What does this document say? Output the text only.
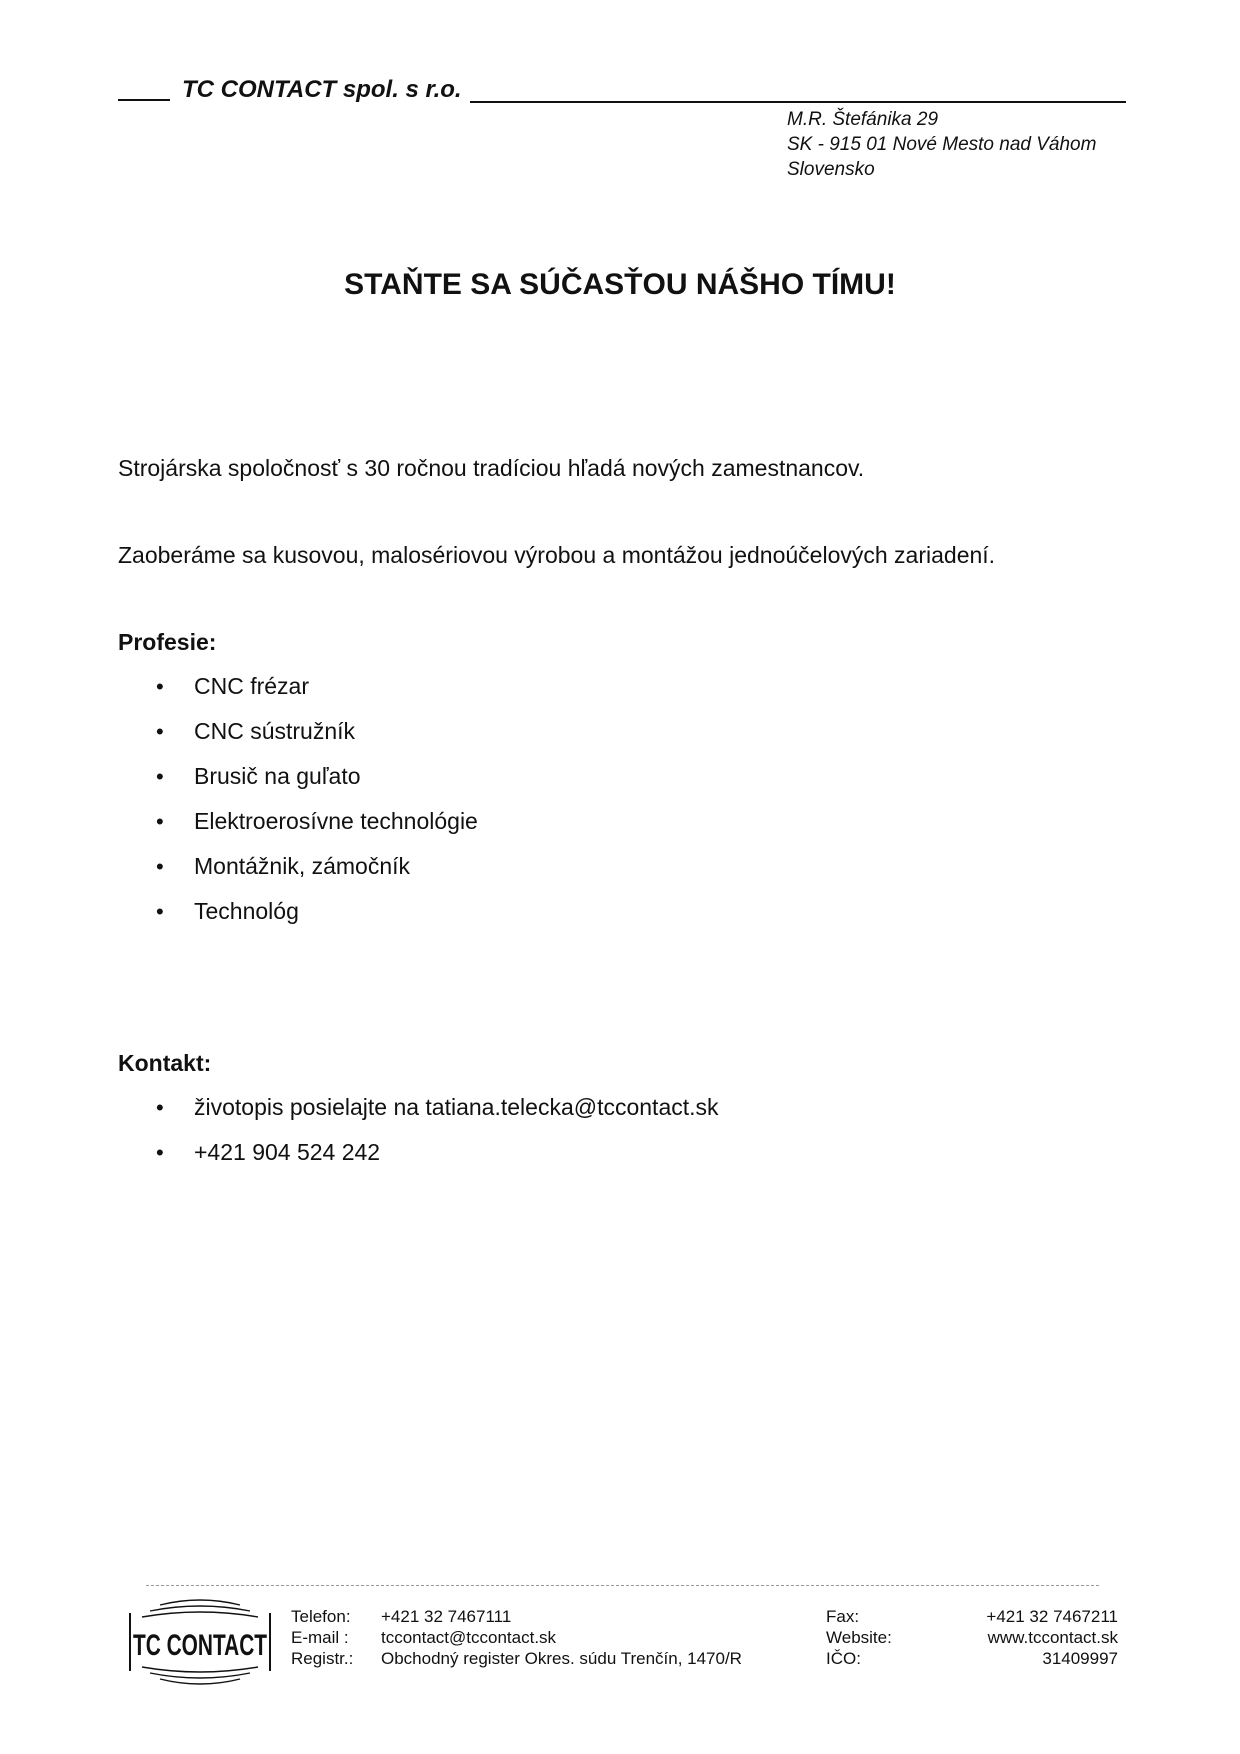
TC CONTACT spol. s r.o.
M.R. Štefánika 29
SK - 915 01 Nové Mesto nad Váhom
Slovensko
STAŇTE SA SÚČASŤOU NÁŠHO TÍMU!
Strojárska spoločnosť s 30 ročnou tradíciou hľadá nových zamestnancov.
Zaoberáme sa kusovou, malosériovou výrobou a montážou jednoúčelových zariadení.
Profesie:
• CNC frézar
• CNC sústružník
• Brusič na guľato
• Elektroerosívne technológie
• Montážnik, zámočník
• Technológ
Kontakt:
• životopis posielajte na tatiana.telecka@tccontact.sk
• +421 904 524 242
TC CONTACT
Telefon:
E-mail :
Registr.:
+421 32 7467111
tccontact@tccontact.sk
Obchodný register Okres. súdu Trenčín, 1470/R
Fax:
Website:
IČO:
+421 32 7467211
www.tccontact.sk
31409997
